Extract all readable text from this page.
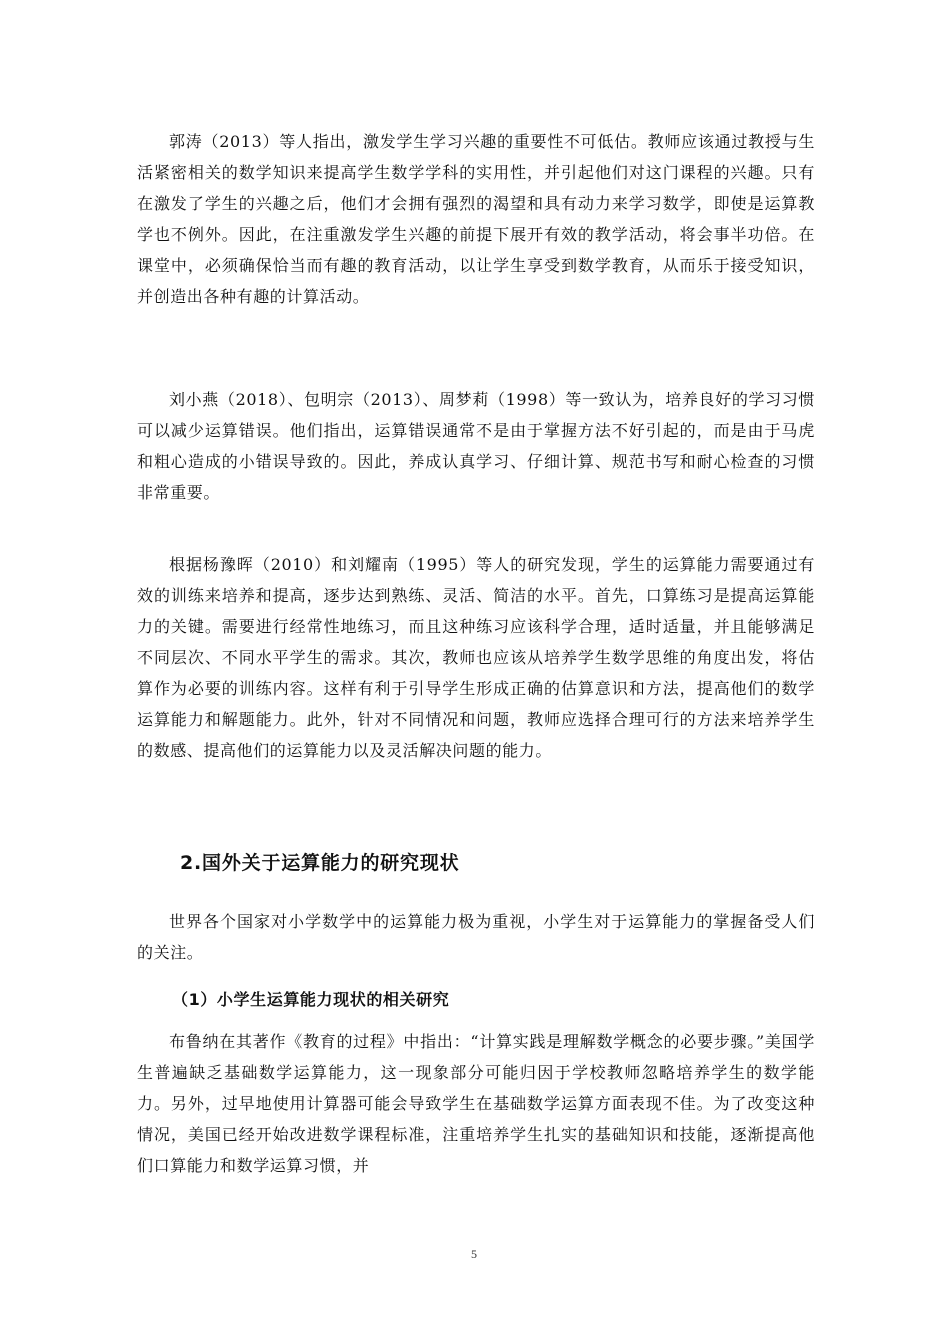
郭涛（2013）等人指出，激发学生学习兴趣的重要性不可低估。教师应该通过教授与生活紧密相关的数学知识来提高学生数学学科的实用性，并引起他们对这门课程的兴趣。只有在激发了学生的兴趣之后，他们才会拥有强烈的渴望和具有动力来学习数学，即使是运算教学也不例外。因此，在注重激发学生兴趣的前提下展开有效的教学活动，将会事半功倍。在课堂中，必须确保恰当而有趣的教育活动，以让学生享受到数学教育，从而乐于接受知识，并创造出各种有趣的计算活动。

刘小燕（2018）、包明宗（2013）、周梦莉（1998）等一致认为，培养良好的学习习惯可以减少运算错误。他们指出，运算错误通常不是由于掌握方法不好引起的，而是由于马虎和粗心造成的小错误导致的。因此，养成认真学习、仔细计算、规范书写和耐心检查的习惯非常重要。

根据杨豫晖（2010）和刘耀南（1995）等人的研究发现，学生的运算能力需要通过有效的训练来培养和提高，逐步达到熟练、灵活、简洁的水平。首先，口算练习是提高运算能力的关键。需要进行经常性地练习，而且这种练习应该科学合理，适时适量，并且能够满足不同层次、不同水平学生的需求。其次，教师也应该从培养学生数学思维的角度出发，将估算作为必要的训练内容。这样有利于引导学生形成正确的估算意识和方法，提高他们的数学运算能力和解题能力。此外，针对不同情况和问题，教师应选择合理可行的方法来培养学生的数感、提高他们的运算能力以及灵活解决问题的能力。

2.国外关于运算能力的研究现状

世界各个国家对小学数学中的运算能力极为重视，小学生对于运算能力的掌握备受人们的关注。

（1）小学生运算能力现状的相关研究

布鲁纳在其著作《教育的过程》中指出：“计算实践是理解数学概念的必要步骤。”美国学生普遍缺乏基础数学运算能力，这一现象部分可能归因于学校教师忽略培养学生的数学能力。另外，过早地使用计算器可能会导致学生在基础数学运算方面表现不佳。为了改变这种情况，美国已经开始改进数学课程标准，注重培养学生扎实的基础知识和技能，逐渐提高他们口算能力和数学运算习惯，并

5
